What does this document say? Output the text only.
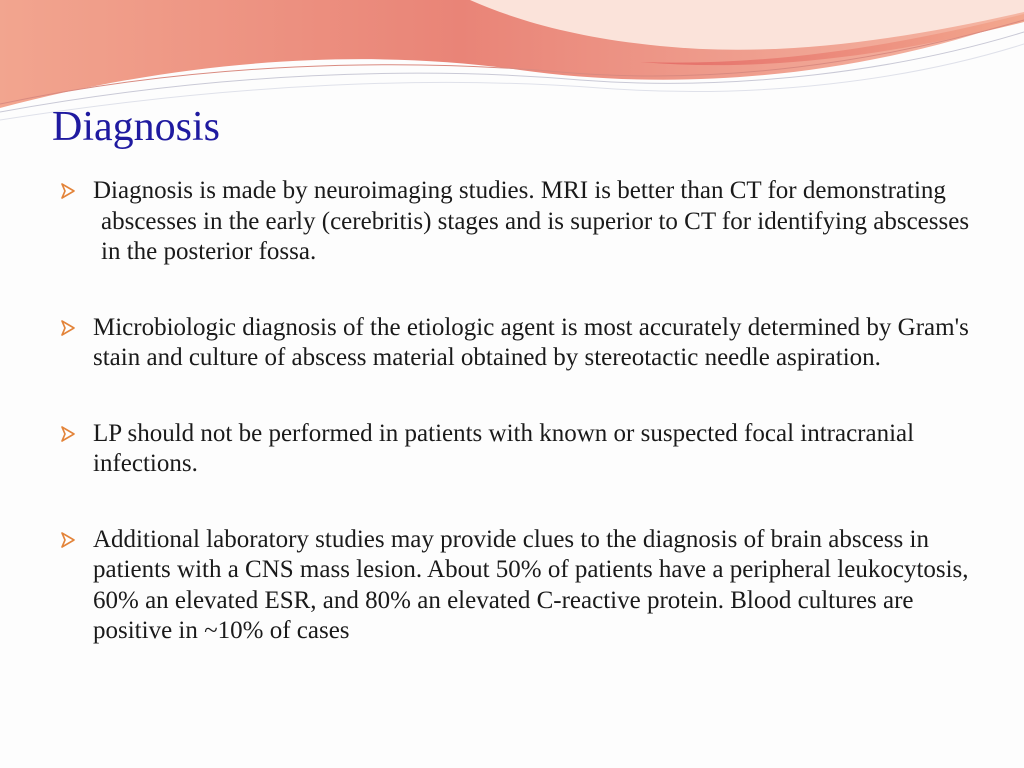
Diagnosis
Diagnosis is made by neuroimaging studies. MRI is better than CT for demonstrating abscesses in the early (cerebritis) stages and is superior to CT for identifying abscesses in the posterior fossa.
Microbiologic diagnosis of the etiologic agent is most accurately determined by Gram's stain and culture of abscess material obtained by stereotactic needle aspiration.
LP should not be performed in patients with known or suspected focal intracranial infections.
Additional laboratory studies may provide clues to the diagnosis of brain abscess in patients with a CNS mass lesion. About 50% of patients have a peripheral leukocytosis, 60% an elevated ESR, and 80% an elevated C-reactive protein. Blood cultures are positive in ~10% of cases
